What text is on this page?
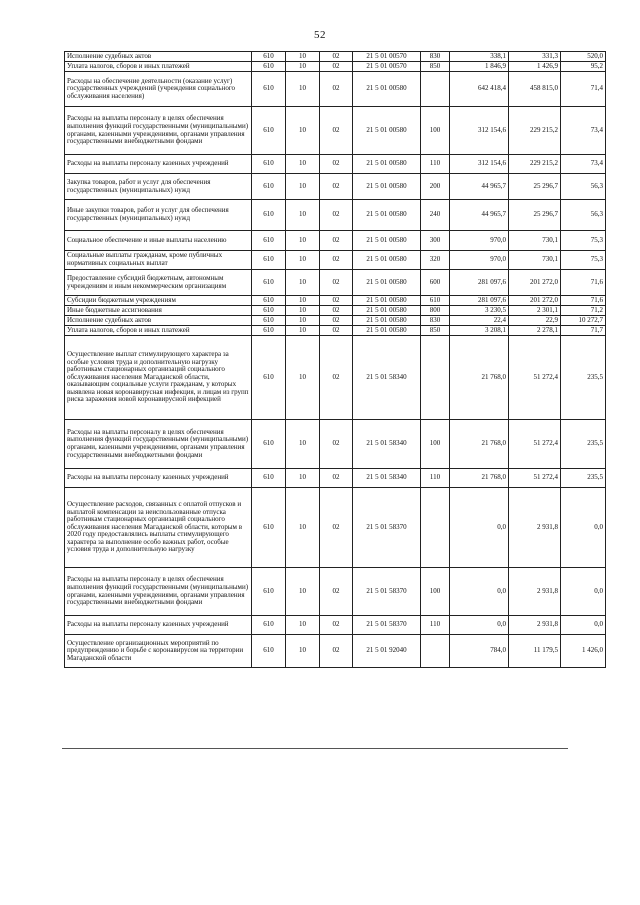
52
Исполнение судебных актов	610	10	02	21 5 01 00570	830	338,1	331,3	520,0
Уплата налогов, сборов и иных платежей	610	10	02	21 5 01 00570	850	1 846,9	1 426,9	95,2
Расходы на обеспечение деятельности (оказание услуг) государственных учреждений (учреждения социального обслуживания населения)	610	10	02	21 5 01 00580		642 418,4	458 815,0	71,4
Расходы на выплаты персоналу в целях обеспечения выполнения функций государственными (муниципальными) органами, казенными учреждениями, органами управления государственными внебюджетными фондами	610	10	02	21 5 01 00580	100	312 154,6	229 215,2	73,4
Расходы на выплаты персоналу казенных учреждений	610	10	02	21 5 01 00580	110	312 154,6	229 215,2	73,4
Закупка товаров, работ и услуг для обеспечения государственных (муниципальных) нужд	610	10	02	21 5 01 00580	200	44 965,7	25 296,7	56,3
Иные закупки товаров, работ и услуг для обеспечения государственных (муниципальных) нужд	610	10	02	21 5 01 00580	240	44 965,7	25 296,7	56,3
Социальное обеспечение и иные выплаты населению	610	10	02	21 5 01 00580	300	970,0	730,1	75,3
Социальные выплаты гражданам, кроме публичных нормативных социальных выплат	610	10	02	21 5 01 00580	320	970,0	730,1	75,3
Предоставление субсидий бюджетным, автономным учреждениям и иным некоммерческим организациям	610	10	02	21 5 01 00580	600	281 097,6	201 272,0	71,6
Субсидии бюджетным учреждениям	610	10	02	21 5 01 00580	610	281 097,6	201 272,0	71,6
Иные бюджетные ассигнования	610	10	02	21 5 01 00580	800	3 230,5	2 301,1	71,2
Исполнение судебных актов	610	10	02	21 5 01 00580	830	22,4	22,9	10 272,7
Уплата налогов, сборов и иных платежей	610	10	02	21 5 01 00580	850	3 208,1	2 278,1	71,7
Осуществление выплат стимулирующего характера за особые условия труда и дополнительную нагрузку работникам стационарных организаций социального обслуживания населения Магаданской области, оказывающим социальные услуги гражданам, у которых выявлена новая коронавирусная инфекция, и лицам из групп риска заражения новой коронавирусной инфекцией	610	10	02	21 5 01 58340		21 768,0	51 272,4	235,5
Расходы на выплаты персоналу в целях обеспечения выполнения функций государственными (муниципальными) органами, казенными учреждениями, органами управления государственными внебюджетными фондами	610	10	02	21 5 01 58340	100	21 768,0	51 272,4	235,5
Расходы на выплаты персоналу казенных учреждений	610	10	02	21 5 01 58340	110	21 768,0	51 272,4	235,5
Осуществление расходов, связанных с оплатой отпусков и выплатой компенсации за неиспользованные отпуска работникам стационарных организаций социального обслуживания населения Магаданской области, которым в 2020 году предоставлялись выплаты стимулирующего характера за выполнение особо важных работ, особые условия труда и дополнительную нагрузку	610	10	02	21 5 01 58370		0,0	2 931,8	0,0
Расходы на выплаты персоналу в целях обеспечения выполнения функций государственными (муниципальными) органами, казенными учреждениями, органами управления государственными внебюджетными фондами	610	10	02	21 5 01 58370	100	0,0	2 931,8	0,0
Расходы на выплаты персоналу казенных учреждений	610	10	02	21 5 01 58370	110	0,0	2 931,8	0,0
Осуществление организационных мероприятий по предупреждению и борьбе с коронавирусом на территории Магаданской области	610	10	02	21 5 01 92040		784,0	11 179,5	1 426,0
